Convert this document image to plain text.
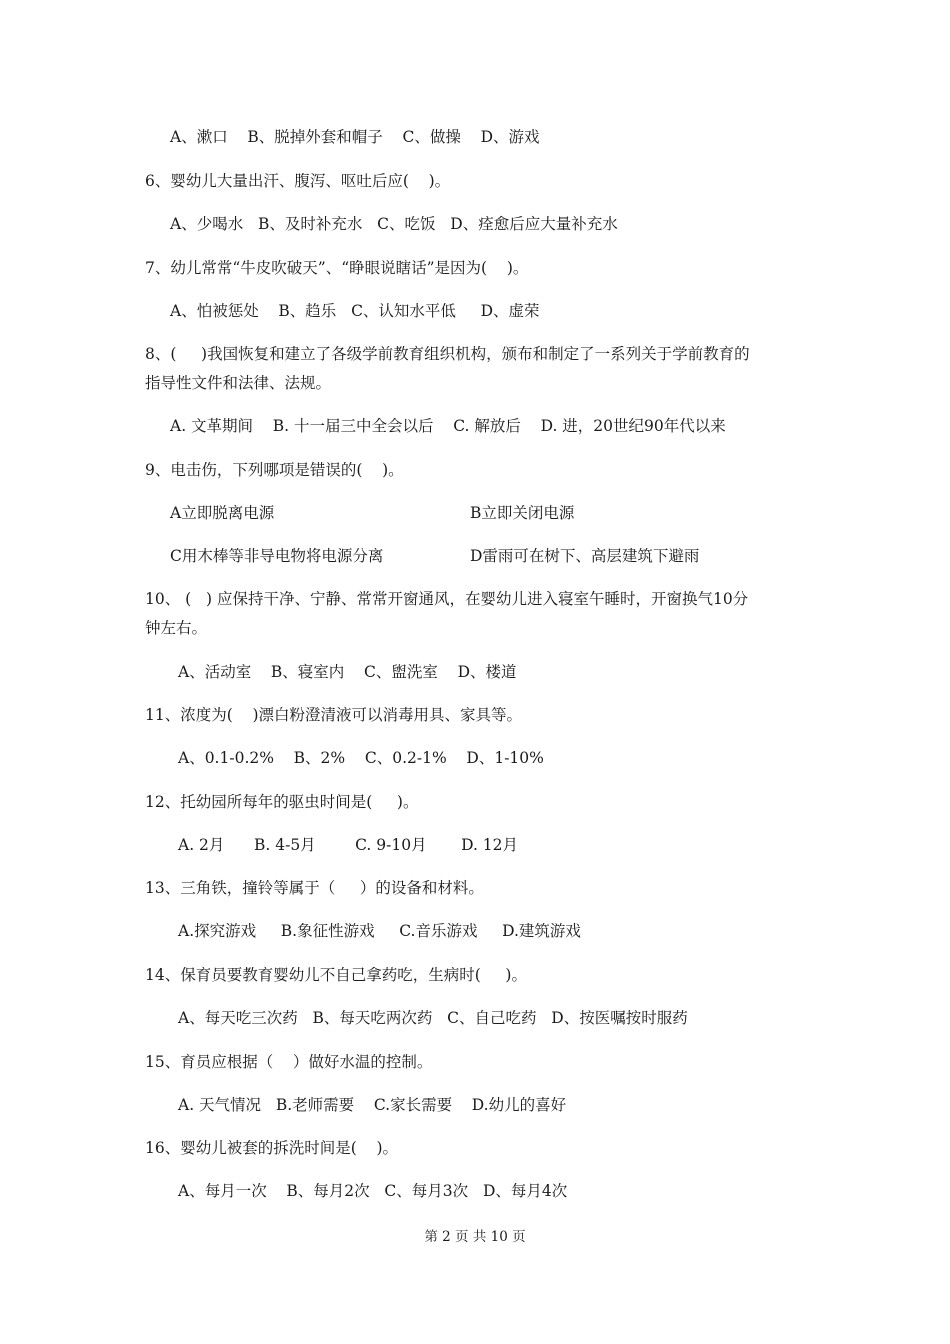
A、漱口    B、脱掉外套和帽子    C、做操    D、游戏

6、婴幼儿大量出汗、腹泻、呕吐后应(    )。

A、少喝水   B、及时补充水   C、吃饭   D、痊愈后应大量补充水

7、幼儿常常“牛皮吹破天”、“睁眼说瞎话”是因为(    )。

A、怕被惩处    B、趋乐   C、认知水平低     D、虚荣

8、(     )我国恢复和建立了各级学前教育组织机构，颁布和制定了一系列关于学前教育的

指导性文件和法律、法规。

A. 文革期间    B. 十一届三中全会以后    C. 解放后    D. 进，20世纪90年代以来

9、电击伤，下列哪项是错误的(    )。

A立即脱离电源	B立即关闭电源

C用木棒等非导电物将电源分离	D雷雨可在树下、高层建筑下避雨

10、 (   ) 应保持干净、宁静、常常开窗通风，在婴幼儿进入寝室午睡时，开窗换气10分

钟左右。

A、活动室    B、寝室内    C、盥洗室    D、楼道

11、浓度为(    )漂白粉澄清液可以消毒用具、家具等。

A、0.1-0.2%    B、2%    C、0.2-1%    D、1-10%

12、托幼园所每年的驱虫时间是(     )。

A. 2月      B. 4-5月        C. 9-10月       D. 12月

13、三角铁，撞铃等属于（     ）的设备和材料。

A.探究游戏     B.象征性游戏     C.音乐游戏     D.建筑游戏

14、保育员要教育婴幼儿不自己拿药吃，生病时(     )。

A、每天吃三次药   B、每天吃两次药   C、自己吃药   D、按医嘱按时服药

15、育员应根据（    ）做好水温的控制。

A. 天气情况   B.老师需要    C.家长需要    D.幼儿的喜好

16、婴幼儿被套的拆洗时间是(    )。

A、每月一次    B、每月2次   C、每月3次   D、每月4次

第 2 页 共 10 页
